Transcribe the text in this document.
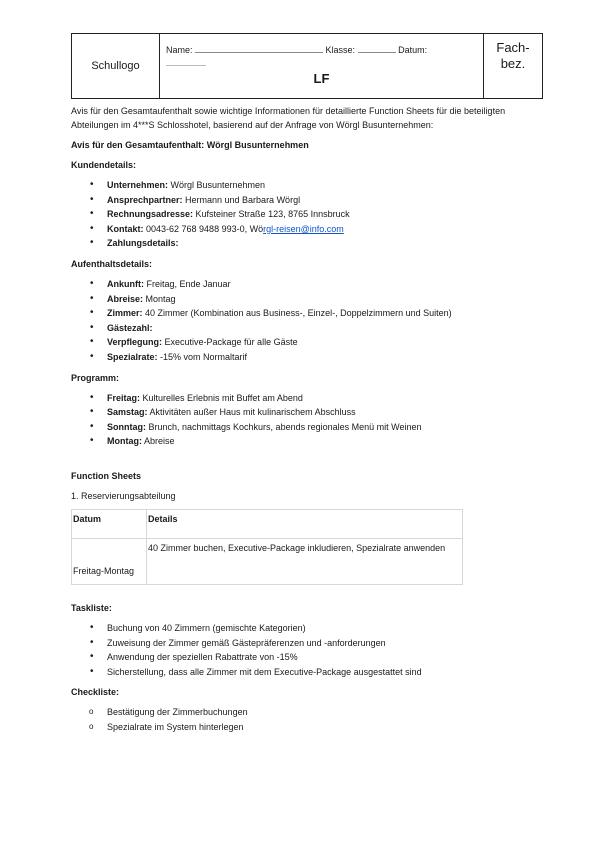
Schullogo
Name:	Klasse:	Datum:
LF
Fach-
bez.

Avis für den Gesamtaufenthalt sowie wichtige Informationen für detaillierte Function Sheets für die beteiligten Abteilungen im 4***S Schlosshotel, basierend auf der Anfrage von Wörgl Busunternehmen:

Avis für den Gesamtaufenthalt: Wörgl Busunternehmen

Kundendetails:

• Unternehmen: Wörgl Busunternehmen
• Ansprechpartner: Hermann und Barbara Wörgl
• Rechnungsadresse: Kufsteiner Straße 123, 8765 Innsbruck
• Kontakt: 0043-62 768 9488 993-0, Wörgl-reisen@info.com
• Zahlungsdetails:

Aufenthaltsdetails:

• Ankunft: Freitag, Ende Januar
• Abreise: Montag
• Zimmer: 40 Zimmer (Kombination aus Business-, Einzel-, Doppelzimmern und Suiten)
• Gästezahl:
• Verpflegung: Executive-Package für alle Gäste
• Spezialrate: -15% vom Normaltarif

Programm:

• Freitag: Kulturelles Erlebnis mit Buffet am Abend
• Samstag: Aktivitäten außer Haus mit kulinarischem Abschluss
• Sonntag: Brunch, nachmittags Kochkurs, abends regionales Menü mit Weinen
• Montag: Abreise

Function Sheets

1. Reservierungsabteilung

Datum	Details
Freitag-Montag	40 Zimmer buchen, Executive-Package inkludieren, Spezialrate anwenden

Taskliste:

• Buchung von 40 Zimmern (gemischte Kategorien)
• Zuweisung der Zimmer gemäß Gästepräferenzen und -anforderungen
• Anwendung der speziellen Rabattrate von -15%
• Sicherstellung, dass alle Zimmer mit dem Executive-Package ausgestattet sind

Checkliste:

o Bestätigung der Zimmerbuchungen
o Spezialrate im System hinterlegen
